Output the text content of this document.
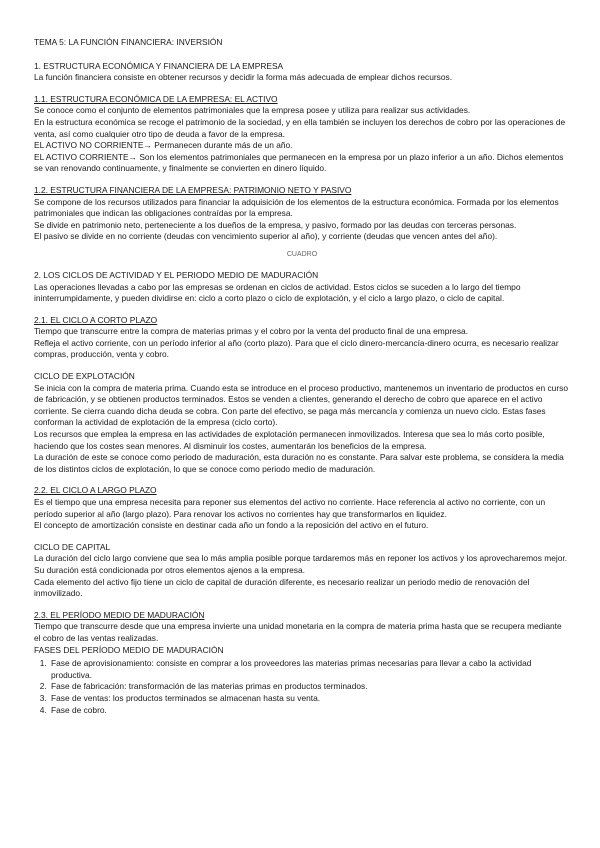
TEMA 5: LA FUNCIÓN FINANCIERA: INVERSIÓN

1. ESTRUCTURA ECONÓMICA Y FINANCIERA DE LA EMPRESA

La función financiera consiste en obtener recursos y decidir la forma más adecuada de emplear dichos recursos.

1.1. ESTRUCTURA ECONÓMICA DE LA EMPRESA: EL ACTIVO

Se conoce como el conjunto de elementos patrimoniales que la empresa posee y utiliza para realizar sus actividades.

En la estructura económica se recoge el patrimonio de la sociedad, y en ella también se incluyen los derechos de cobro por las operaciones de venta, así como cualquier otro tipo de deuda a favor de la empresa.

EL ACTIVO NO CORRIENTE→ Permanecen durante más de un año.

EL ACTIVO CORRIENTE→ Son los elementos patrimoniales que permanecen en la empresa por un plazo inferior a un año. Dichos elementos se van renovando continuamente, y finalmente se convierten en dinero líquido.

1.2. ESTRUCTURA FINANCIERA DE LA EMPRESA: PATRIMONIO NETO Y PASIVO

Se compone de los recursos utilizados para financiar la adquisición de los elementos de la estructura económica. Formada por los elementos patrimoniales que indican las obligaciones contraídas por la empresa.

Se divide en patrimonio neto, perteneciente a los dueños de la empresa, y pasivo, formado por las deudas con terceras personas.

El pasivo se divide en no corriente (deudas con vencimiento superior al año), y corriente (deudas que vencen antes del año).

CUADRO

2. LOS CICLOS DE ACTIVIDAD Y EL PERIODO MEDIO DE MADURACIÓN

Las operaciones llevadas a cabo por las empresas se ordenan en ciclos de actividad. Estos ciclos se suceden a lo largo del tiempo ininterrumpidamente, y pueden dividirse en: ciclo a corto plazo o ciclo de explotación, y el ciclo a largo plazo, o ciclo de capital.

2.1. EL CICLO A CORTO PLAZO

Tiempo que transcurre entre la compra de materias primas y el cobro por la venta del producto final de una empresa.

Refleja el activo corriente, con un período inferior al año (corto plazo). Para que el ciclo dinero-mercancía-dinero ocurra, es necesario realizar compras, producción, venta y cobro.

CICLO DE EXPLOTACIÓN

Se inicia con la compra de materia prima. Cuando esta se introduce en el proceso productivo, mantenemos un inventario de productos en curso de fabricación, y se obtienen productos terminados. Estos se venden a clientes, generando el derecho de cobro que aparece en el activo corriente. Se cierra cuando dicha deuda se cobra. Con parte del efectivo, se paga más mercancía y comienza un nuevo ciclo. Estas fases conforman la actividad de explotación de la empresa (ciclo corto).

Los recursos que emplea la empresa en las actividades de explotación permanecen inmovilizados. Interesa que sea lo más corto posible, haciendo que los costes sean menores. Al disminuir los costes, aumentarán los beneficios de la empresa.

La duración de este se conoce como periodo de maduración, esta duración no es constante. Para salvar este problema, se considera la media de los distintos ciclos de explotación, lo que se conoce como periodo medio de maduración.

2.2. EL CICLO A LARGO PLAZO

Es el tiempo que una empresa necesita para reponer sus elementos del activo no corriente. Hace referencia al activo no corriente, con un período superior al año (largo plazo). Para renovar los activos no corrientes hay que transformarlos en liquidez.

El concepto de amortización consiste en destinar cada año un fondo a la reposición del activo en el futuro.

CICLO DE CAPITAL

La duración del ciclo largo conviene que sea lo más amplia posible porque tardaremos más en reponer los activos y los aprovecharemos mejor. Su duración está condicionada por otros elementos ajenos a la empresa.

Cada elemento del activo fijo tiene un ciclo de capital de duración diferente, es necesario realizar un periodo medio de renovación del inmovilizado.

2.3. EL PERÍODO MEDIO DE MADURACIÓN

Tiempo que transcurre desde que una empresa invierte una unidad monetaria en la compra de materia prima hasta que se recupera mediante el cobro de las ventas realizadas.

FASES DEL PERÍODO MEDIO DE MADURACIÓN

1. Fase de aprovisionamiento: consiste en comprar a los proveedores las materias primas necesarias para llevar a cabo la actividad productiva.
2. Fase de fabricación: transformación de las materias primas en productos terminados.
3. Fase de ventas: los productos terminados se almacenan hasta su venta.
4. Fase de cobro.
